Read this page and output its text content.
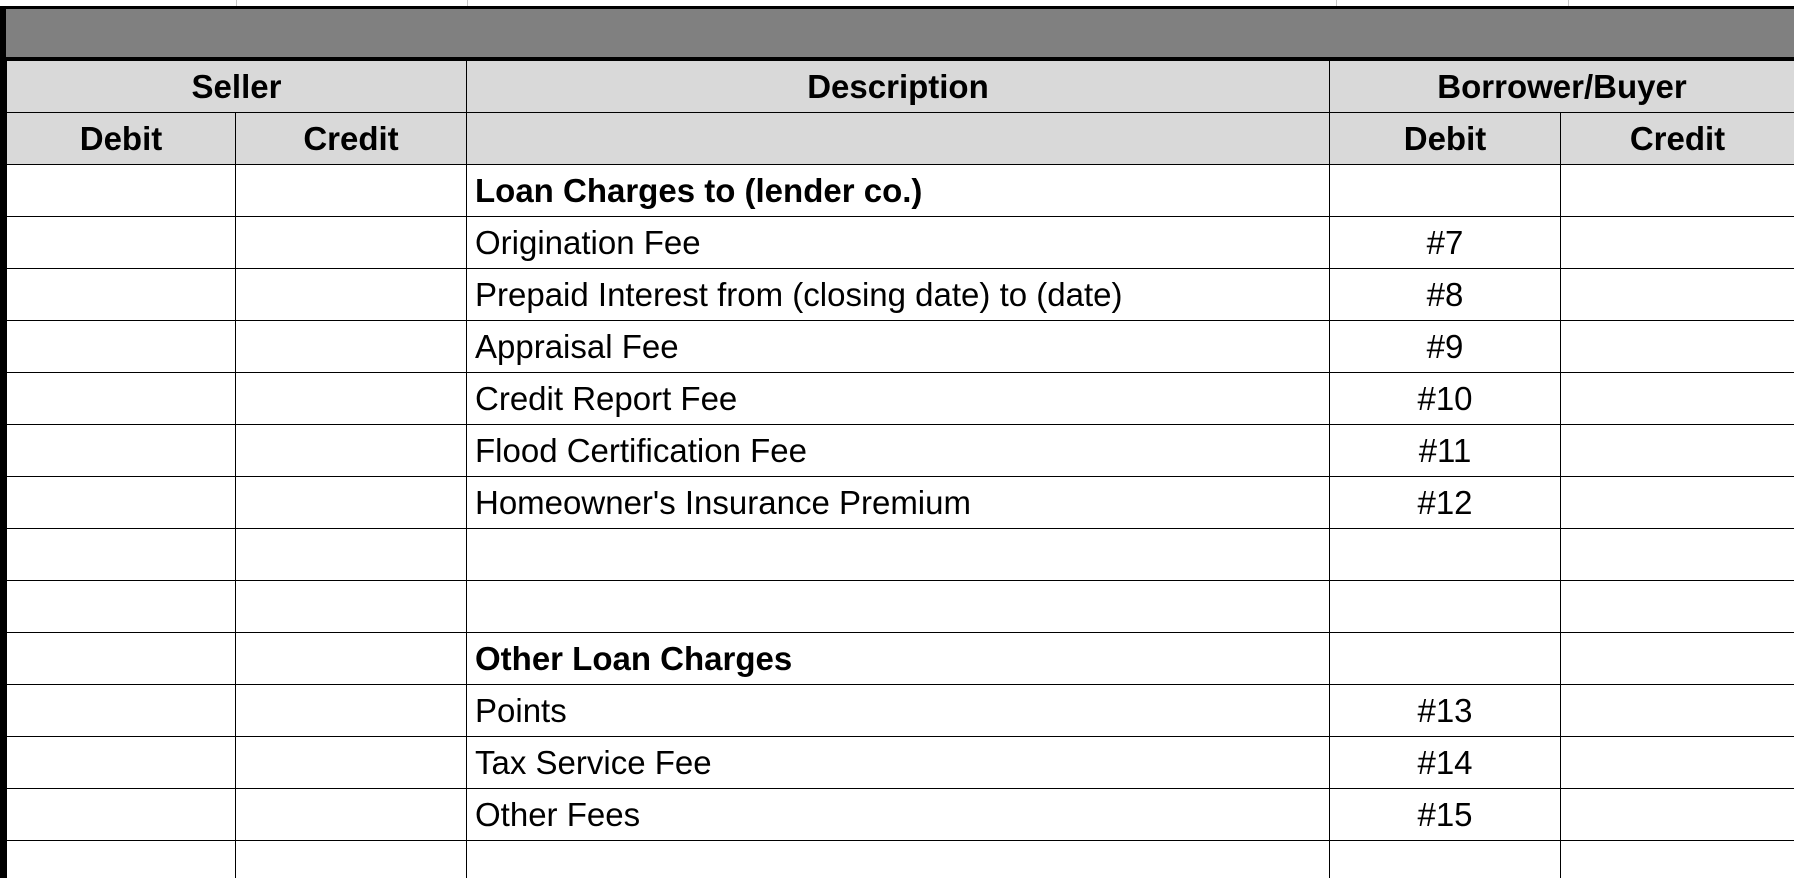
Seller		Description	Borrower/Buyer	
Debit	Credit		Debit	Credit
		Loan Charges to (lender co.)		
		Origination Fee	#7	
		Prepaid Interest from (closing date) to (date)	#8	
		Appraisal Fee	#9	
		Credit Report Fee	#10	
		Flood Certification Fee	#11	
		Homeowner's Insurance Premium	#12	

		Other Loan Charges		
		Points	#13	
		Tax Service Fee	#14	
		Other Fees	#15	
